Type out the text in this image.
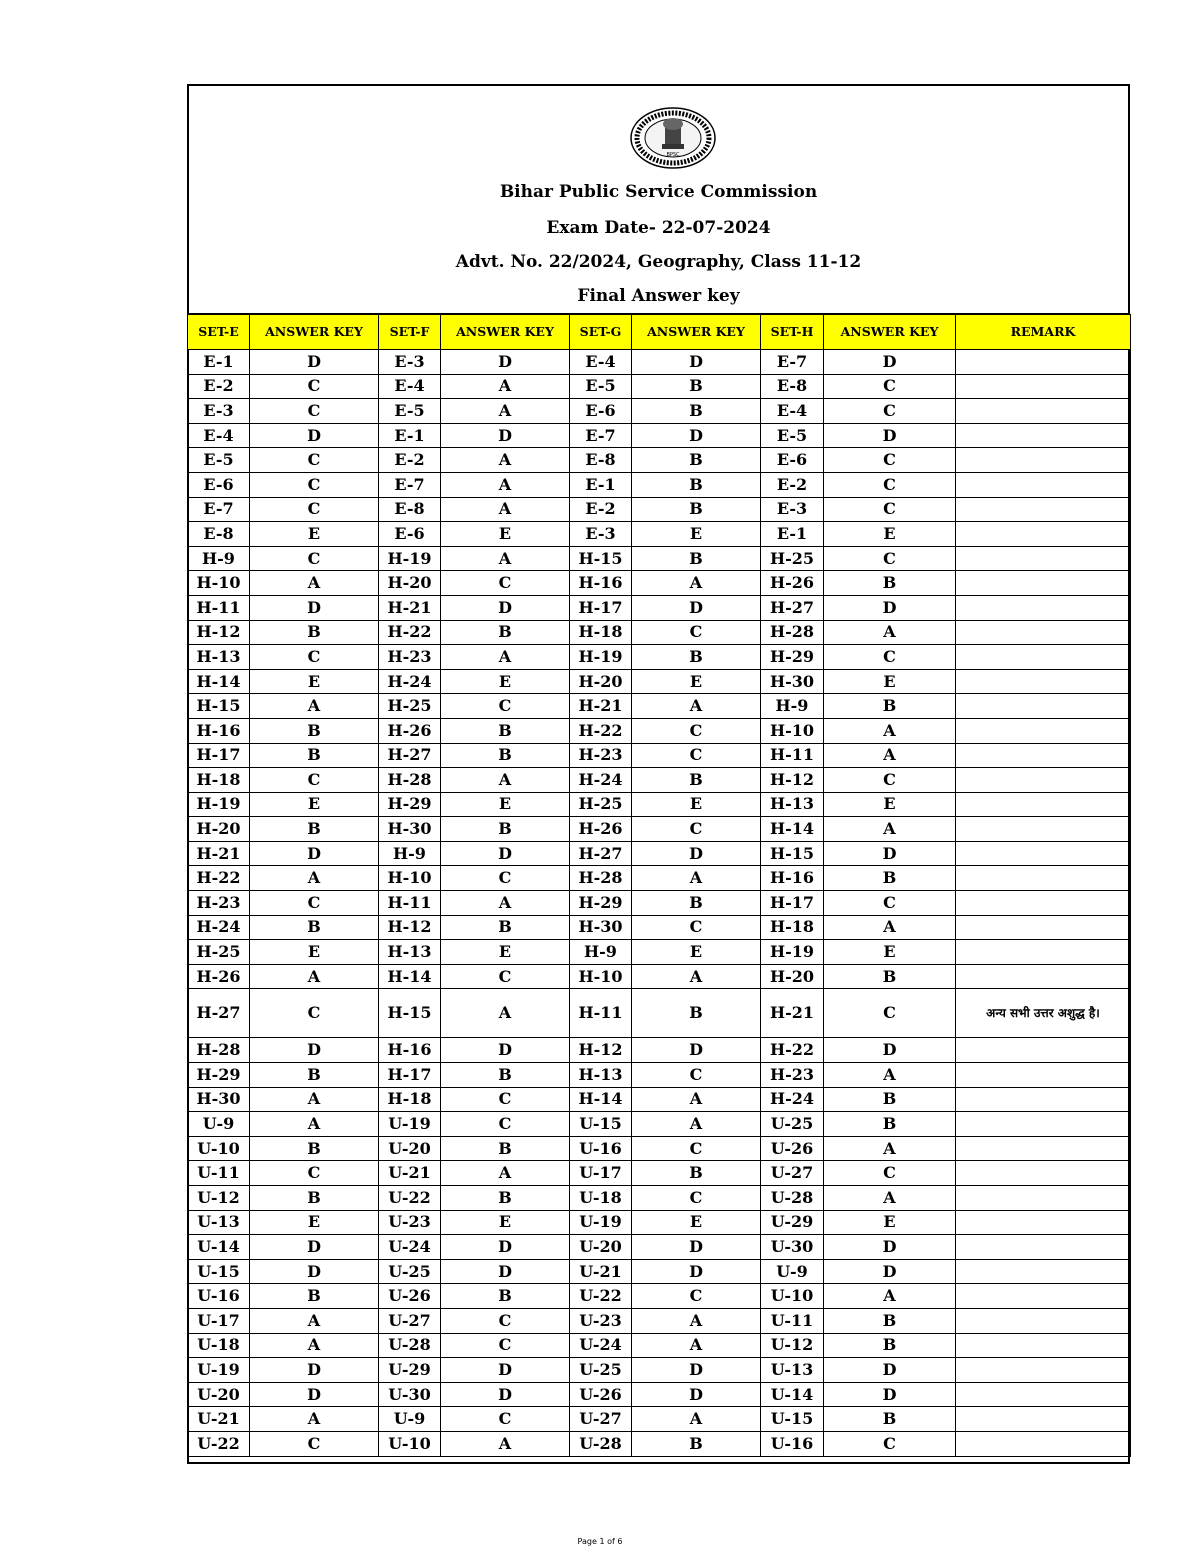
BPSC
Bihar Public Service Commission
Exam Date- 22-07-2024
Advt. No. 22/2024, Geography, Class 11-12
Final Answer key
SET-E	ANSWER KEY	SET-F	ANSWER KEY	SET-G	ANSWER KEY	SET-H	ANSWER KEY	REMARK
E-1	D	E-3	D	E-4	D	E-7	D	
E-2	C	E-4	A	E-5	B	E-8	C	
E-3	C	E-5	A	E-6	B	E-4	C	
E-4	D	E-1	D	E-7	D	E-5	D	
E-5	C	E-2	A	E-8	B	E-6	C	
E-6	C	E-7	A	E-1	B	E-2	C	
E-7	C	E-8	A	E-2	B	E-3	C	
E-8	E	E-6	E	E-3	E	E-1	E	
H-9	C	H-19	A	H-15	B	H-25	C	
H-10	A	H-20	C	H-16	A	H-26	B	
H-11	D	H-21	D	H-17	D	H-27	D	
H-12	B	H-22	B	H-18	C	H-28	A	
H-13	C	H-23	A	H-19	B	H-29	C	
H-14	E	H-24	E	H-20	E	H-30	E	
H-15	A	H-25	C	H-21	A	H-9	B	
H-16	B	H-26	B	H-22	C	H-10	A	
H-17	B	H-27	B	H-23	C	H-11	A	
H-18	C	H-28	A	H-24	B	H-12	C	
H-19	E	H-29	E	H-25	E	H-13	E	
H-20	B	H-30	B	H-26	C	H-14	A	
H-21	D	H-9	D	H-27	D	H-15	D	
H-22	A	H-10	C	H-28	A	H-16	B	
H-23	C	H-11	A	H-29	B	H-17	C	
H-24	B	H-12	B	H-30	C	H-18	A	
H-25	E	H-13	E	H-9	E	H-19	E	
H-26	A	H-14	C	H-10	A	H-20	B	
H-27	C	H-15	A	H-11	B	H-21	C	अन्य सभी उत्तर अशुद्ध है।
H-28	D	H-16	D	H-12	D	H-22	D	
H-29	B	H-17	B	H-13	C	H-23	A	
H-30	A	H-18	C	H-14	A	H-24	B	
U-9	A	U-19	C	U-15	A	U-25	B	
U-10	B	U-20	B	U-16	C	U-26	A	
U-11	C	U-21	A	U-17	B	U-27	C	
U-12	B	U-22	B	U-18	C	U-28	A	
U-13	E	U-23	E	U-19	E	U-29	E	
U-14	D	U-24	D	U-20	D	U-30	D	
U-15	D	U-25	D	U-21	D	U-9	D	
U-16	B	U-26	B	U-22	C	U-10	A	
U-17	A	U-27	C	U-23	A	U-11	B	
U-18	A	U-28	C	U-24	A	U-12	B	
U-19	D	U-29	D	U-25	D	U-13	D	
U-20	D	U-30	D	U-26	D	U-14	D	
U-21	A	U-9	C	U-27	A	U-15	B	
U-22	C	U-10	A	U-28	B	U-16	C	
Page 1 of 6
